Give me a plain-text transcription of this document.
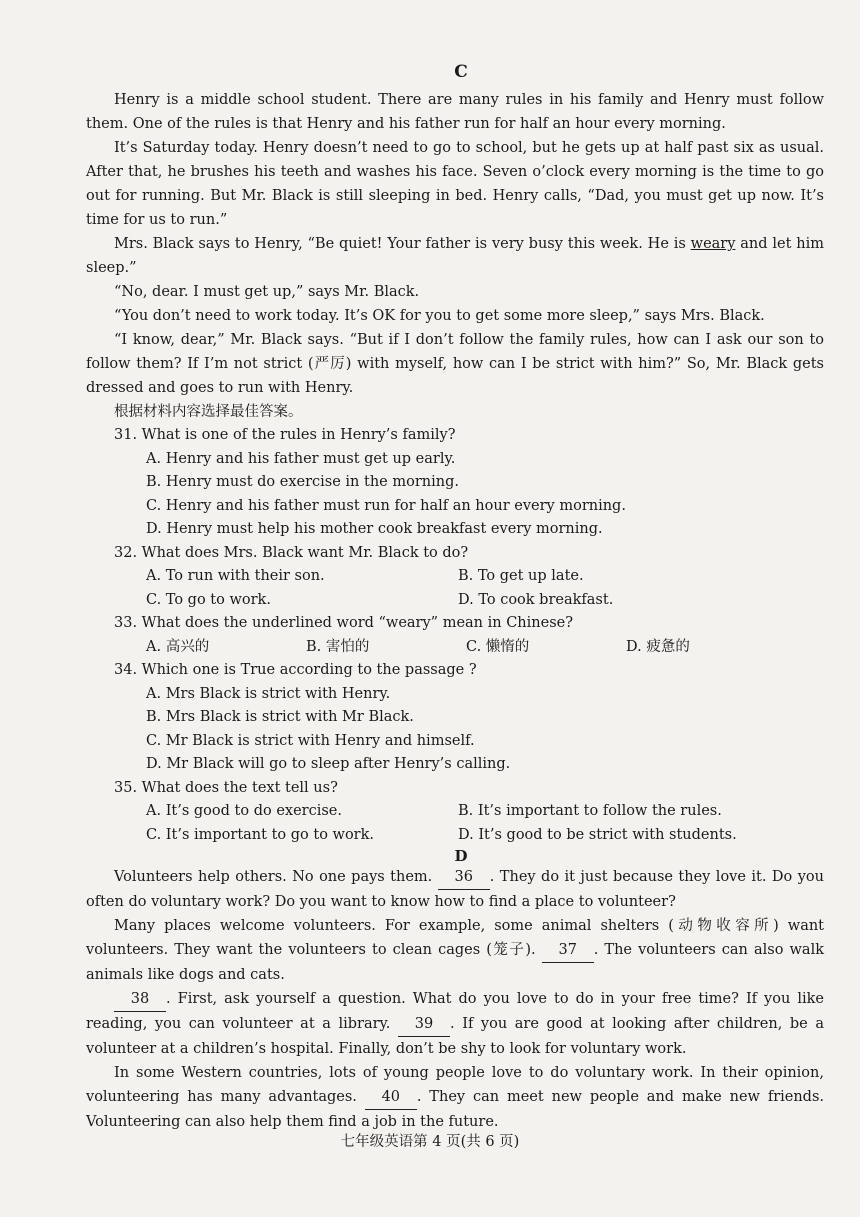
C

Henry is a middle school student. There are many rules in his family and Henry must follow them. One of the rules is that Henry and his father run for half an hour every morning.

It’s Saturday today. Henry doesn’t need to go to school, but he gets up at half past six as usual. After that, he brushes his teeth and washes his face. Seven o’clock every morning is the time to go out for running. But Mr. Black is still sleeping in bed. Henry calls, “Dad, you must get up now. It’s time for us to run.”

Mrs. Black says to Henry, “Be quiet! Your father is very busy this week. He is weary and let him sleep.”

“No, dear. I must get up,” says Mr. Black.

“You don’t need to work today. It’s OK for you to get some more sleep,” says Mrs. Black.

“I know, dear,” Mr. Black says. “But if I don’t follow the family rules, how can I ask our son to follow them? If I’m not strict (严厉) with myself, how can I be strict with him?” So, Mr. Black gets dressed and goes to run with Henry.

根据材料内容选择最佳答案。
31. What is one of the rules in Henry’s family?
A. Henry and his father must get up early.
B. Henry must do exercise in the morning.
C. Henry and his father must run for half an hour every morning.
D. Henry must help his mother cook breakfast every morning.
32. What does Mrs. Black want Mr. Black to do?
A. To run with their son.	B. To get up late.
C. To go to work.	D. To cook breakfast.
33. What does the underlined word “weary” mean in Chinese?
A. 高兴的	B. 害怕的	C. 懒惰的	D. 疲惫的
34. Which one is True according to the passage ?
A. Mrs Black is strict with Henry.
B. Mrs Black is strict with Mr Black.
C. Mr Black is strict with Henry and himself.
D. Mr Black will go to sleep after Henry’s calling.
35. What does the text tell us?
A. It’s good to do exercise.	B. It’s important to follow the rules.
C. It’s important to go to work.	D. It’s good to be strict with students.
D

Volunteers help others. No one pays them. 36 . They do it just because they love it. Do you often do voluntary work? Do you want to know how to find a place to volunteer?

Many places welcome volunteers. For example, some animal shelters (动物收容所) want volunteers. They want the volunteers to clean cages (笼子). 37 . The volunteers can also walk animals like dogs and cats.

38 . First, ask yourself a question. What do you love to do in your free time? If you like reading, you can volunteer at a library. 39 . If you are good at looking after children, be a volunteer at a children’s hospital. Finally, don’t be shy to look for voluntary work.

In some Western countries, lots of young people love to do voluntary work. In their opinion, volunteering has many advantages. 40 . They can meet new people and make new friends. Volunteering can also help them find a job in the future.

七年级英语第 4 页(共 6 页)
